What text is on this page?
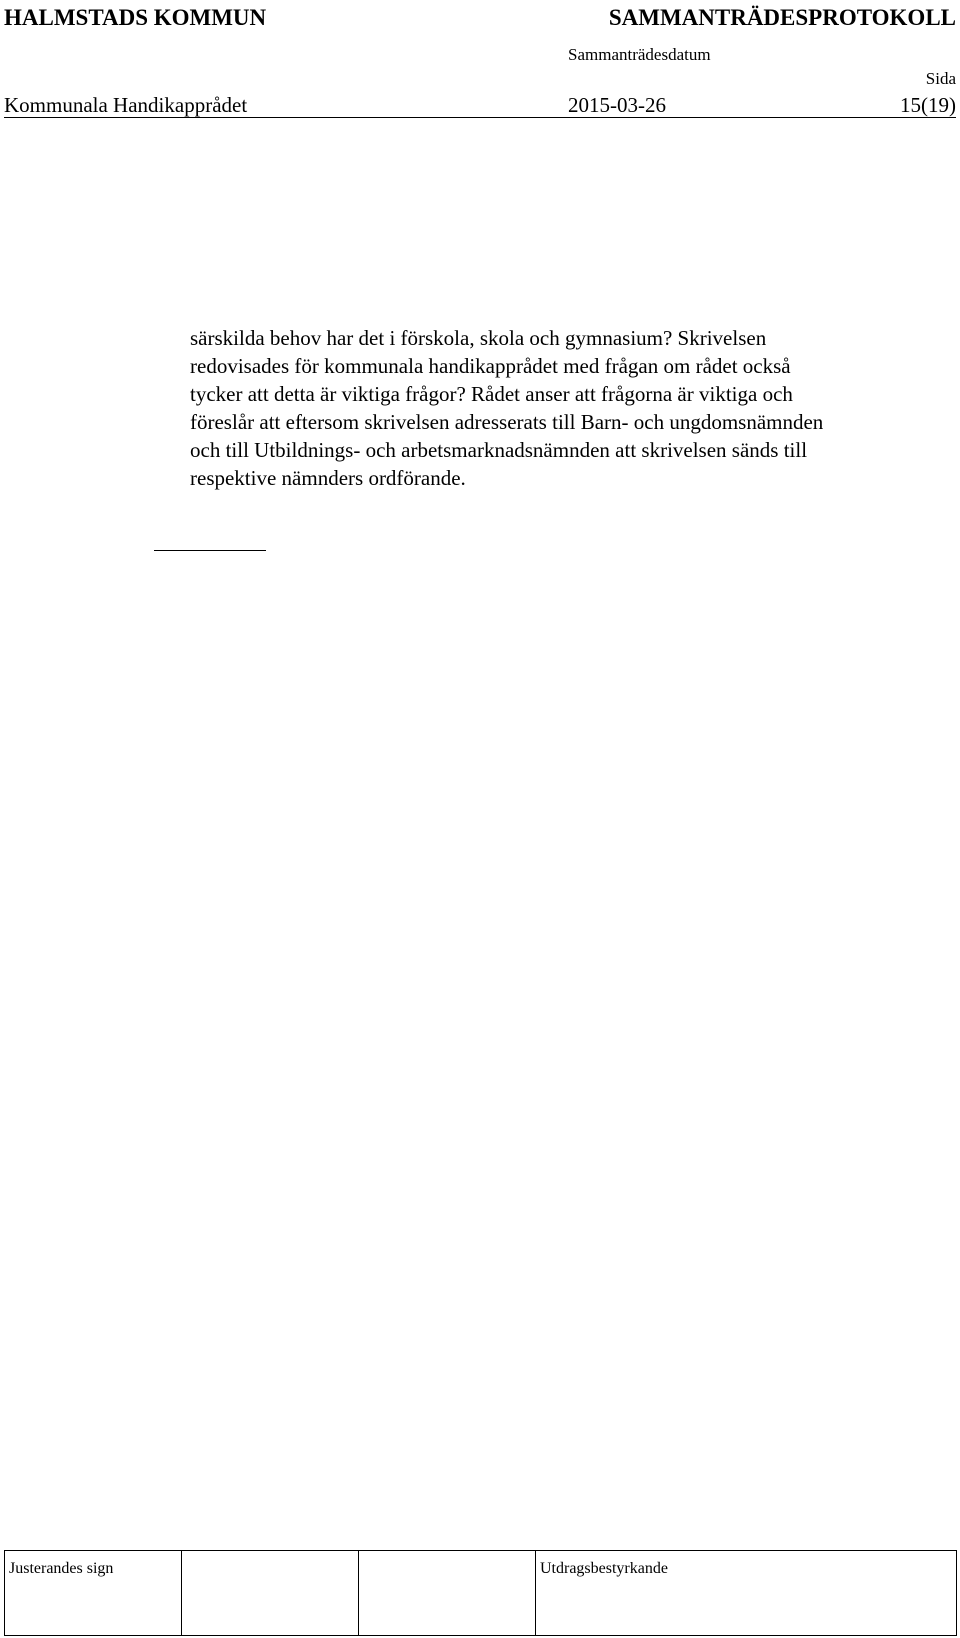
HALMSTADS KOMMUN	SAMMANTRÄDESPROTOKOLL
Sammanträdesdatum
Sida
Kommunala Handikapprådet	2015-03-26	15(19)

särskilda behov har det i förskola, skola och gymnasium? Skrivelsen
redovisades för kommunala handikapprådet med frågan om rådet också
tycker att detta är viktiga frågor? Rådet anser att frågorna är viktiga och
föreslår att eftersom skrivelsen adresserats till Barn- och ungdomsnämnden
och till Utbildnings- och arbetsmarknadsnämnden att skrivelsen sänds till
respektive nämnders ordförande.

Justerandes sign			Utdragsbestyrkande
